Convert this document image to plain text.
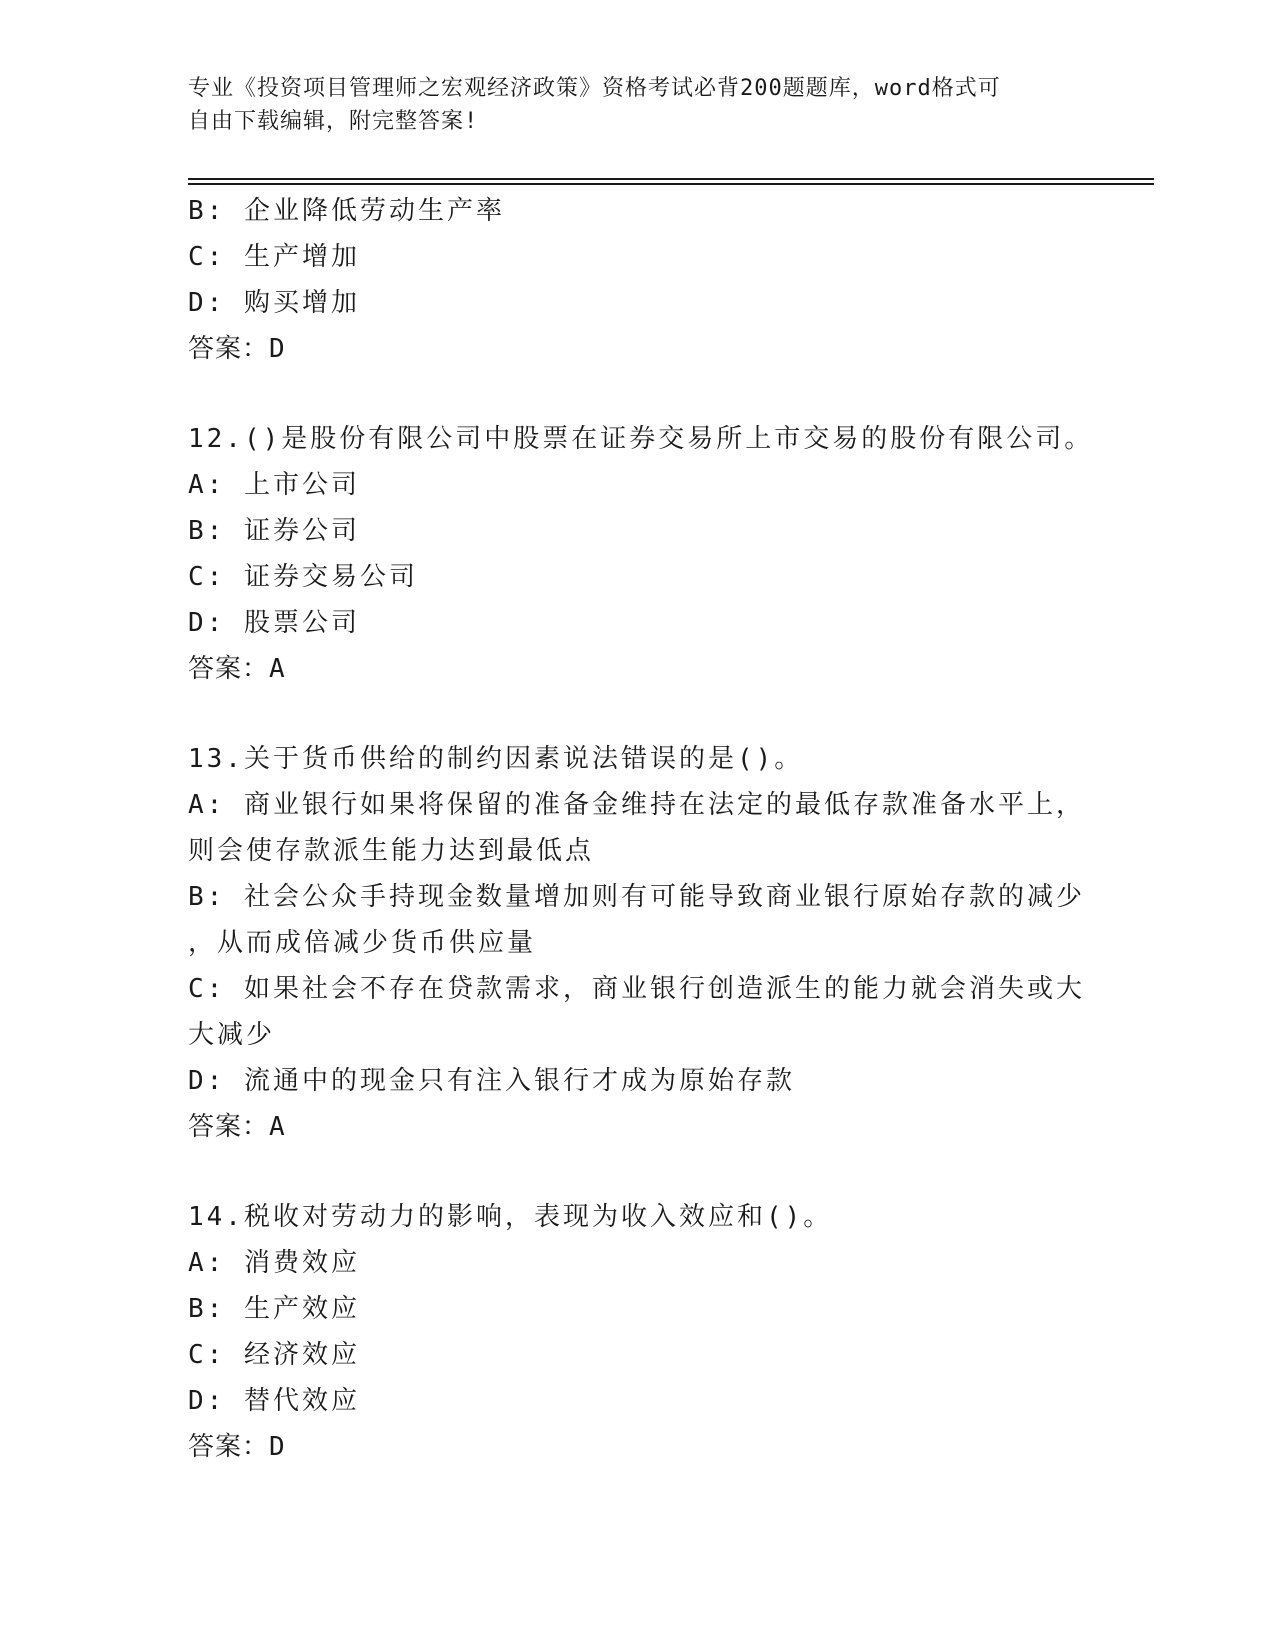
专业《投资项目管理师之宏观经济政策》资格考试必背200题题库，word格式可
自由下载编辑，附完整答案!
B: 企业降低劳动生产率
C: 生产增加
D: 购买增加
答案：D
12.()是股份有限公司中股票在证券交易所上市交易的股份有限公司。
A: 上市公司
B: 证券公司
C: 证券交易公司
D: 股票公司
答案：A
13.关于货币供给的制约因素说法错误的是()。
A: 商业银行如果将保留的准备金维持在法定的最低存款准备水平上，
则会使存款派生能力达到最低点
B: 社会公众手持现金数量增加则有可能导致商业银行原始存款的减少
，从而成倍减少货币供应量
C: 如果社会不存在贷款需求，商业银行创造派生的能力就会消失或大
大减少
D: 流通中的现金只有注入银行才成为原始存款
答案：A
14.税收对劳动力的影响，表现为收入效应和()。
A: 消费效应
B: 生产效应
C: 经济效应
D: 替代效应
答案：D
